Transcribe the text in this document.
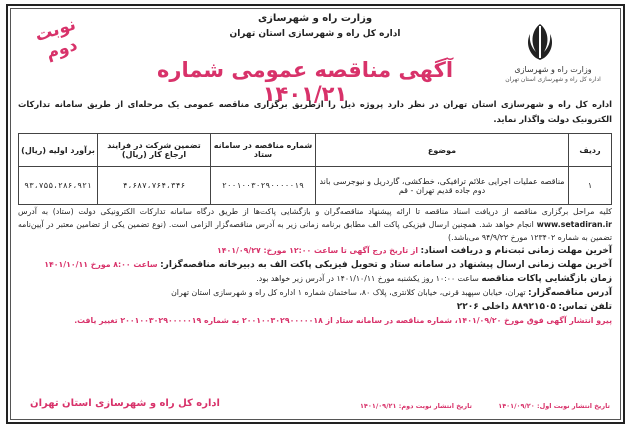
وزارت راه و شهرسازی
اداره کل راه و شهرسازی استان تهران
وزارت راه و شهرسازی
اداره کل راه و شهرسازی استان تهران
نوبت دوم
آگهی مناقصه عمومی شماره ۱۴۰۱/۲۱
اداره کل راه و شهرسازی استان تهران در نظر دارد پروژه ذیل را ازطریق برگزاری مناقصه عمومی یک مرحله‌ای از طریق سامانه تدارکات الکترونیک دولت واگذار نماید.
ردیف	موضوع	شماره مناقصه در سامانه ستاد	تضمین شرکت در فرایند ارجاع کار (ریال)	برآورد اولیه (ریال)
۱	مناقصه عملیات اجرایی علائم ترافیکی، خط‌کشی، گاردریل و نیوجرسی باند دوم جاده قدیم تهران - قم	۲۰۰۱۰۰۳۰۲۹۰۰۰۰۰۱۹	۴،۶۸۷،۷۶۴،۳۴۶	۹۳،۷۵۵،۲۸۶،۹۲۱

کلیه مراحل برگزاری مناقصه از دریافت اسناد مناقصه تا ارائه پیشنهاد مناقصه‌گران و بازگشایی پاکت‌ها از طریق درگاه سامانه تدارکات الکترونیکی دولت (ستاد) به آدرس www.setadiran.ir انجام خواهد شد. همچنین ارسال فیزیکی پاکت الف مطابق برنامه زمانی زیر به آدرس مناقصه‌گزار الزامی است. (نوع تضمین یکی از تضامین معتبر در آیین‌نامه تضمین به شماره ۱۲۳۴۰۲ مورخ ۹۴/۹/۲۲ می‌باشد.)

آخرین مهلت زمانی ثبت‌نام و دریافت اسناد: از تاریخ درج آگهی تا ساعت ۱۲:۰۰ مورخ: ۱۴۰۱/۰۹/۲۷

آخرین مهلت زمانی ارسال پیشنهاد در سامانه ستاد و تحویل فیزیکی پاکت الف به دبیرخانه مناقصه‌گزار: ساعت ۸:۰۰ مورخ ۱۴۰۱/۱۰/۱۱

زمان بازگشایی پاکات مناقصه ساعت ۱۰:۰۰ روز یکشنبه مورخ ۱۴۰۱/۱۰/۱۱ در آدرس زیر خواهد بود.

آدرس مناقصه‌گزار: تهران، خیابان سپهبد قرنی، خیابان کلانتری، پلاک ۸۰، ساختمان شماره ۱ اداره کل راه و شهرسازی استان تهران

تلفن تماس: ۸۸۹۲۱۵۰۵ داخلی ۲۲۰۶

پیرو انتشار آگهی فوق مورخ ۱۴۰۱/۰۹/۲۰، شماره مناقصه در سامانه ستاد از ۲۰۰۱۰۰۳۰۲۹۰۰۰۰۰۱۸ به شماره ۲۰۰۱۰۰۳۰۲۹۰۰۰۰۰۱۹ تغییر یافت.

اداره کل راه و شهرسازی استان تهران	تاریخ انتشار نوبت اول: ۱۴۰۱/۰۹/۲۰ تاریخ انتشار نوبت دوم: ۱۴۰۱/۰۹/۲۱
